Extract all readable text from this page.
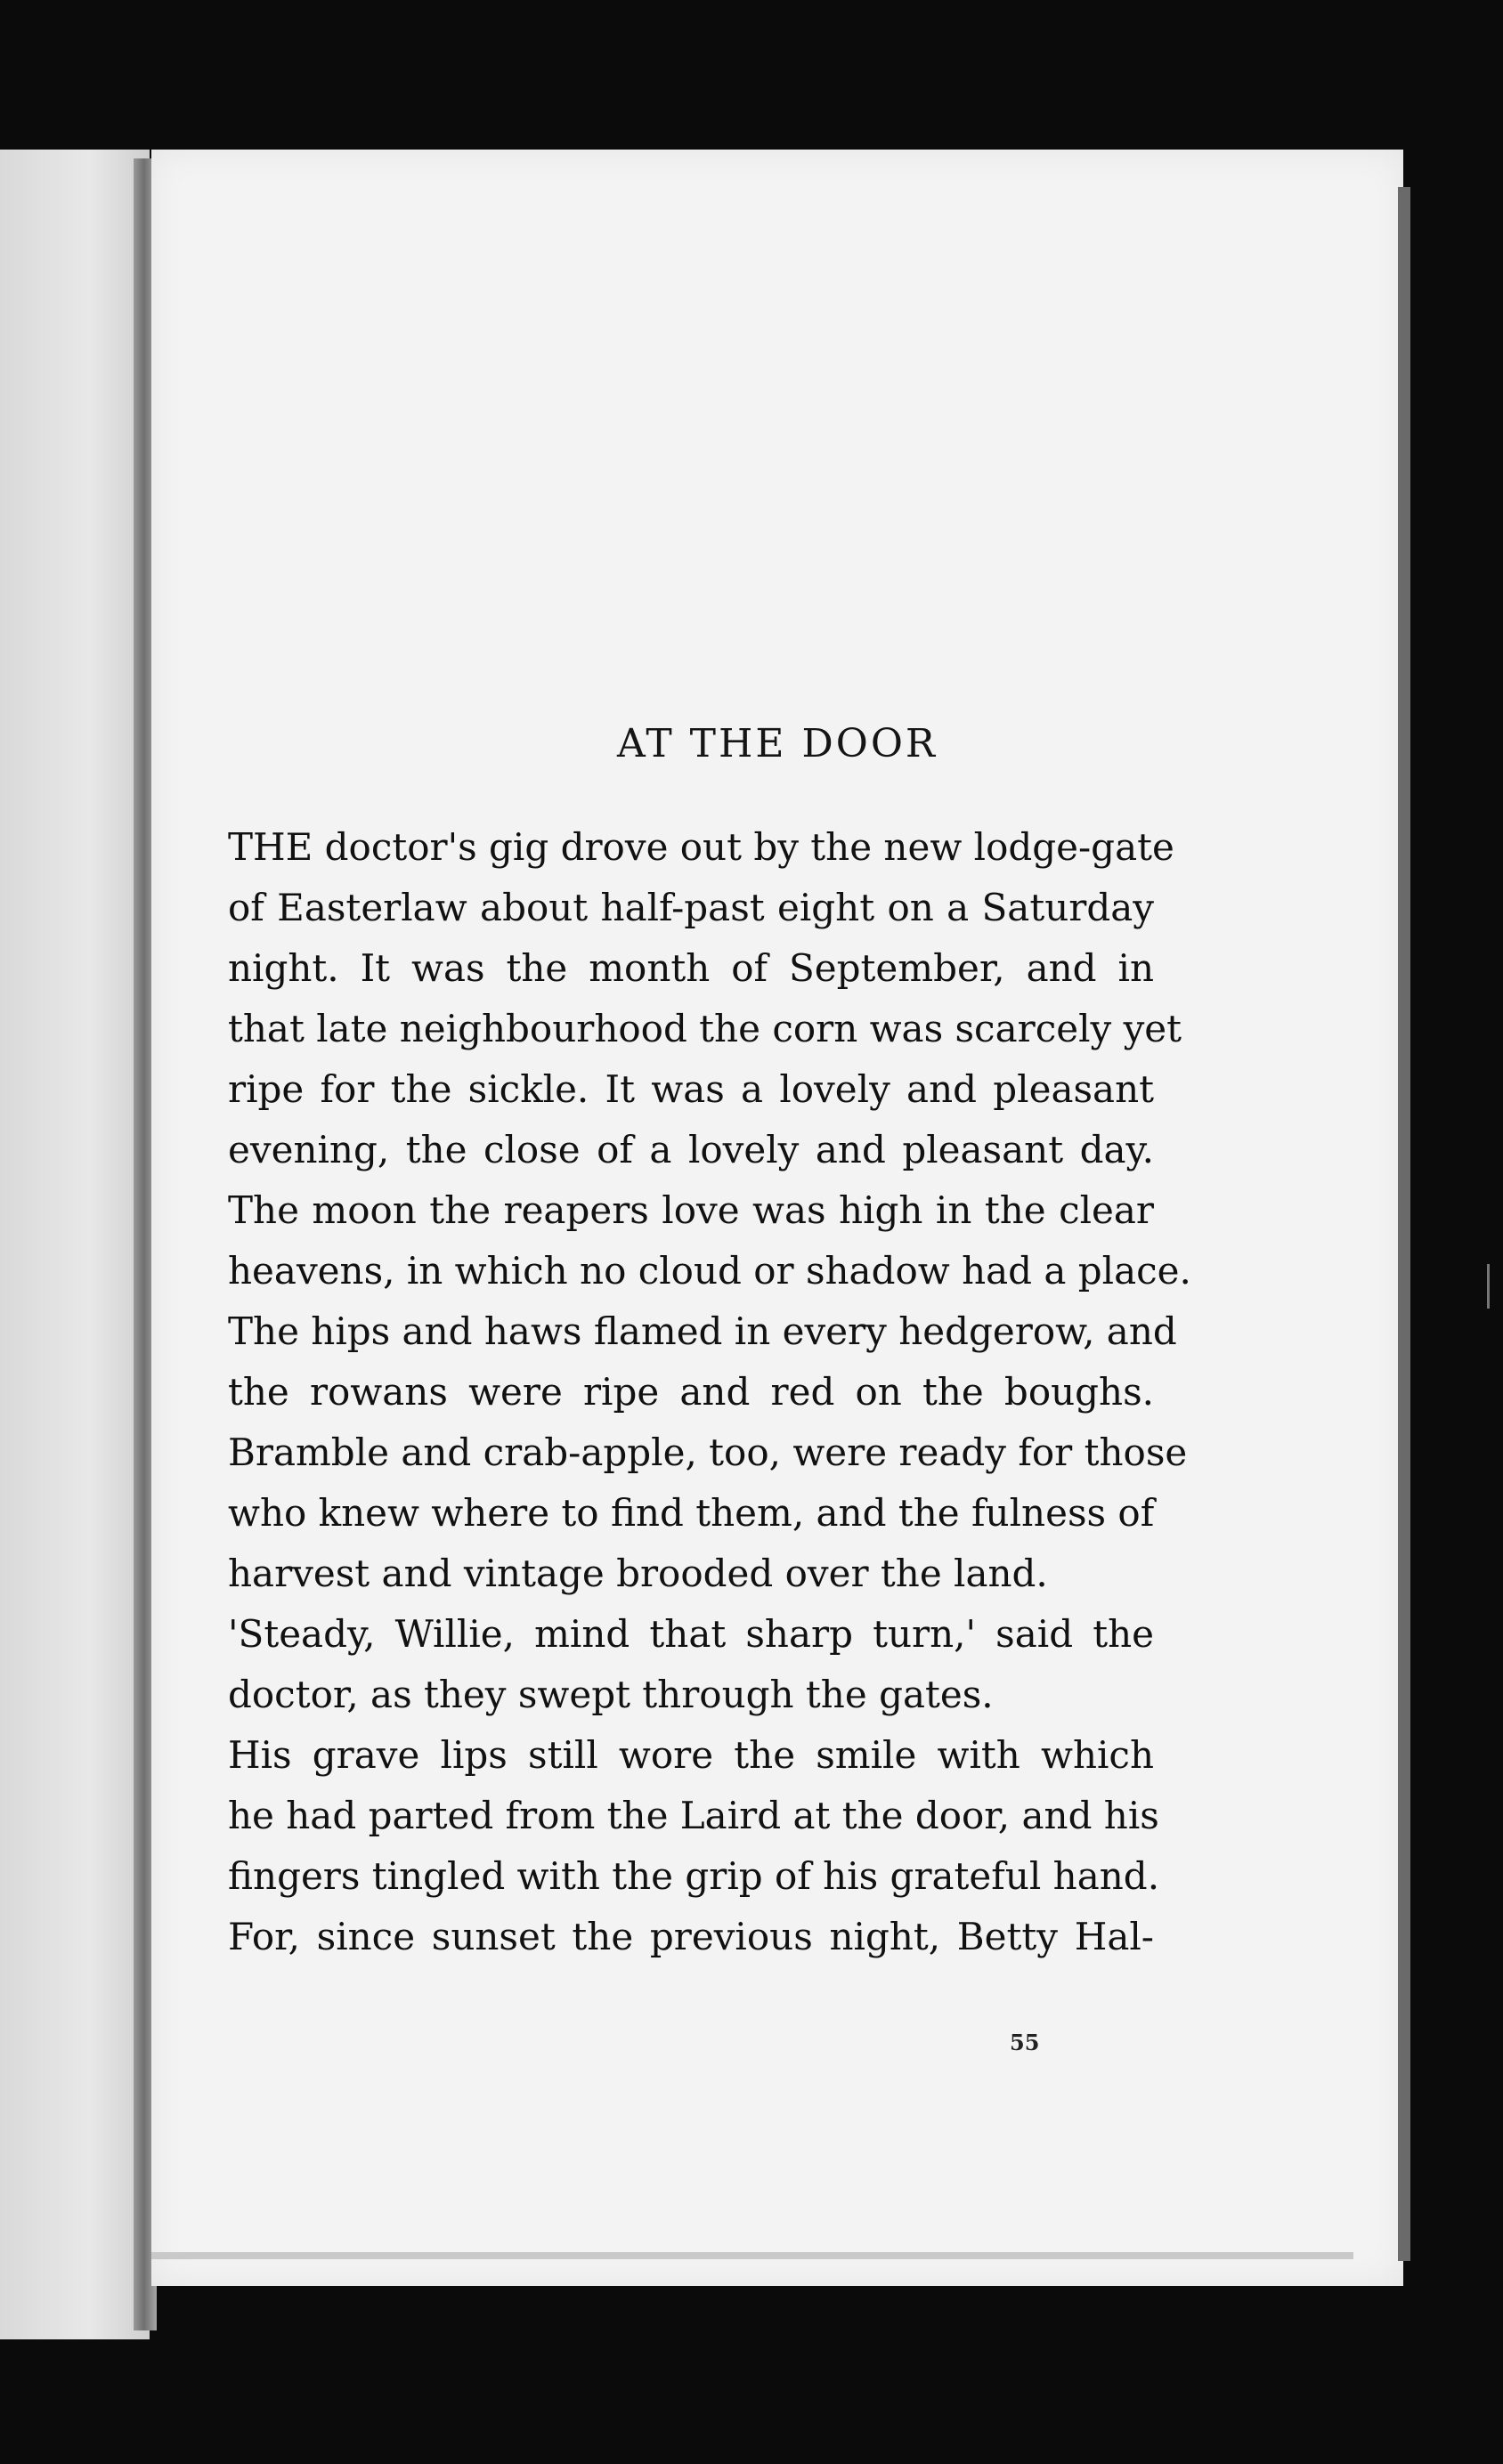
AT THE DOOR
THE doctor's gig drove out by the new lodge-gate
of Easterlaw about half-past eight on a Saturday
night. It was the month of September, and in
that late neighbourhood the corn was scarcely yet
ripe for the sickle. It was a lovely and pleasant
evening, the close of a lovely and pleasant day.
The moon the reapers love was high in the clear
heavens, in which no cloud or shadow had a place.
The hips and haws flamed in every hedgerow, and
the rowans were ripe and red on the boughs.
Bramble and crab-apple, too, were ready for those
who knew where to find them, and the fulness of
harvest and vintage brooded over the land.
'Steady, Willie, mind that sharp turn,' said the
doctor, as they swept through the gates.
His grave lips still wore the smile with which
he had parted from the Laird at the door, and his
fingers tingled with the grip of his grateful hand.
For, since sunset the previous night, Betty Hal-
55
